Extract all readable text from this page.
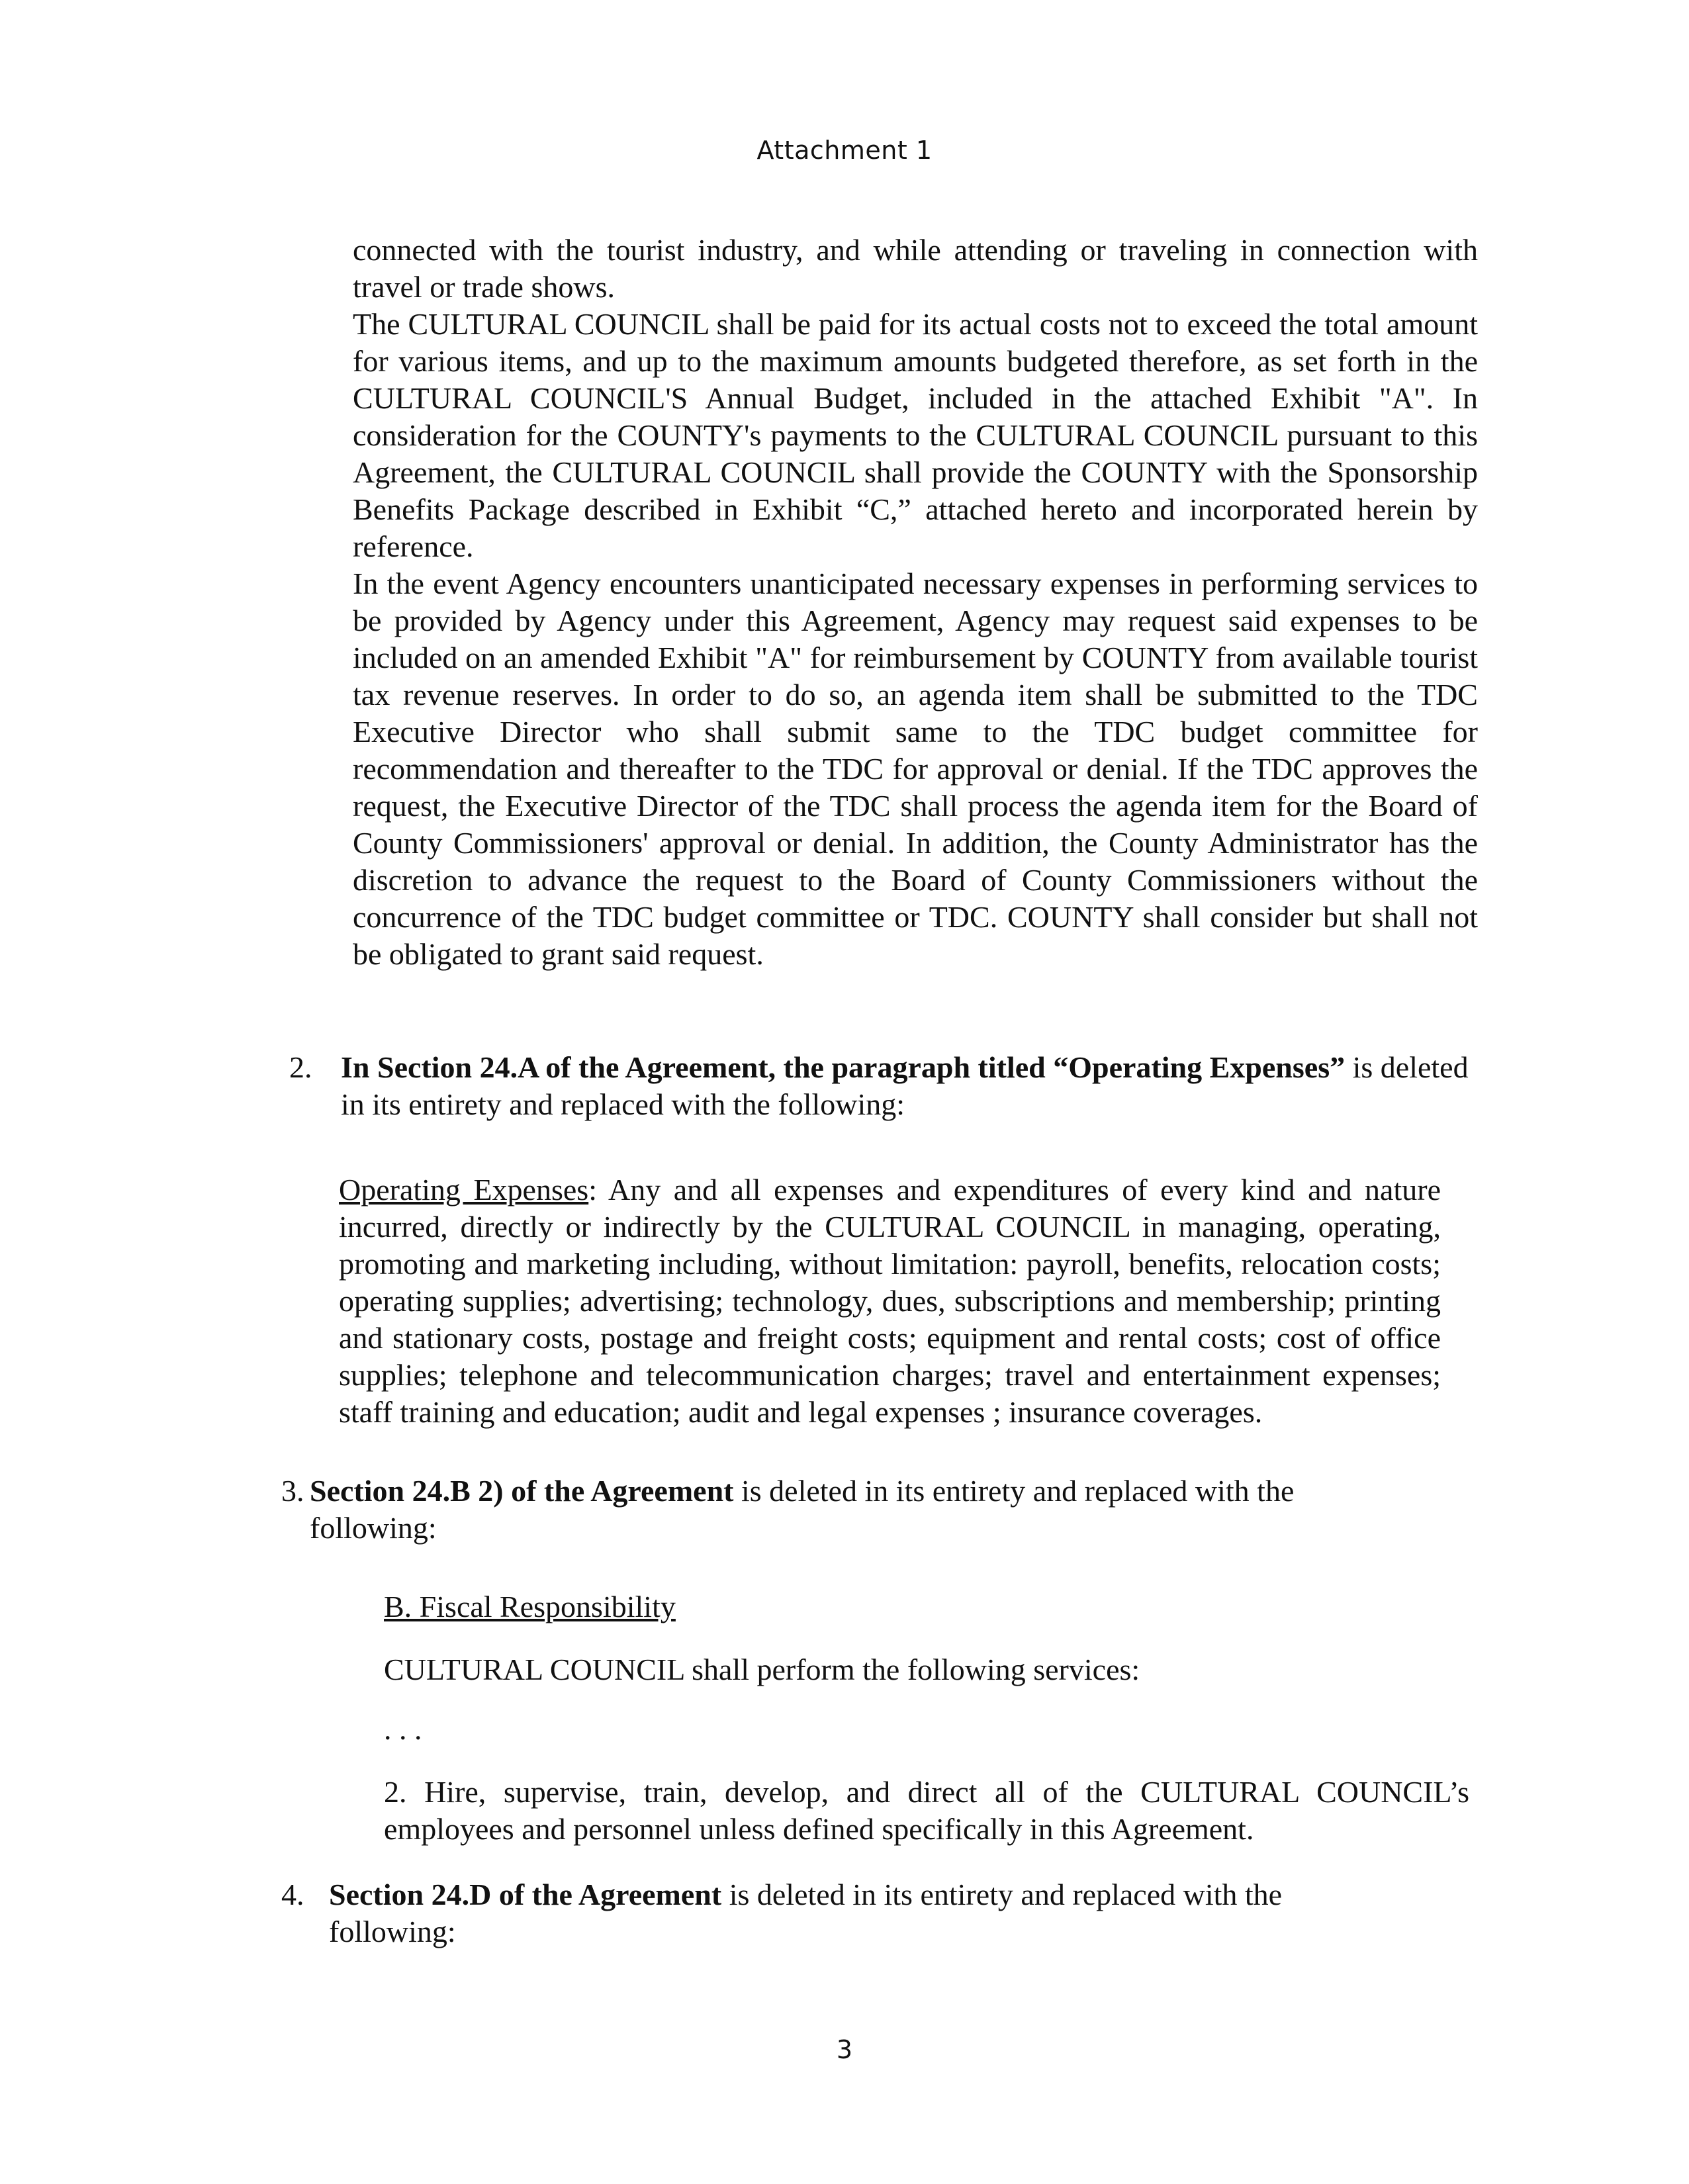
Attachment 1

connected with the tourist industry, and while attending or traveling in connection with travel or trade shows.

The CULTURAL COUNCIL shall be paid for its actual costs not to exceed the total amount for various items, and up to the maximum amounts budgeted therefore, as set forth in the CULTURAL COUNCIL'S Annual Budget, included in the attached Exhibit "A". In consideration for the COUNTY's payments to the CULTURAL COUNCIL pursuant to this Agreement, the CULTURAL COUNCIL shall provide the COUNTY with the Sponsorship Benefits Package described in Exhibit “C,” attached hereto and incorporated herein by reference.

In the event Agency encounters unanticipated necessary expenses in performing services to be provided by Agency under this Agreement, Agency may request said expenses to be included on an amended Exhibit "A" for reimbursement by COUNTY from available tourist tax revenue reserves. In order to do so, an agenda item shall be submitted to the TDC Executive Director who shall submit same to the TDC budget committee for recommendation and thereafter to the TDC for approval or denial. If the TDC approves the request, the Executive Director of the TDC shall process the agenda item for the Board of County Commissioners' approval or denial. In addition, the County Administrator has the discretion to advance the request to the Board of County Commissioners without the concurrence of the TDC budget committee or TDC. COUNTY shall consider but shall not be obligated to grant said request.

2. In Section 24.A of the Agreement, the paragraph titled “Operating Expenses” is deleted in its entirety and replaced with the following:
Operating Expenses: Any and all expenses and expenditures of every kind and nature incurred, directly or indirectly by the CULTURAL COUNCIL in managing, operating, promoting and marketing including, without limitation: payroll, benefits, relocation costs; operating supplies; advertising; technology, dues, subscriptions and membership; printing and stationary costs, postage and freight costs; equipment and rental costs; cost of office supplies; telephone and telecommunication charges; travel and entertainment expenses; staff training and education; audit and legal expenses ; insurance coverages.
3. Section 24.B 2) of the Agreement is deleted in its entirety and replaced with the following:
B. Fiscal Responsibility
CULTURAL COUNCIL shall perform the following services:
. . .
2. Hire, supervise, train, develop, and direct all of the CULTURAL COUNCIL’s employees and personnel unless defined specifically in this Agreement.
4. Section 24.D of the Agreement is deleted in its entirety and replaced with the following:
3
